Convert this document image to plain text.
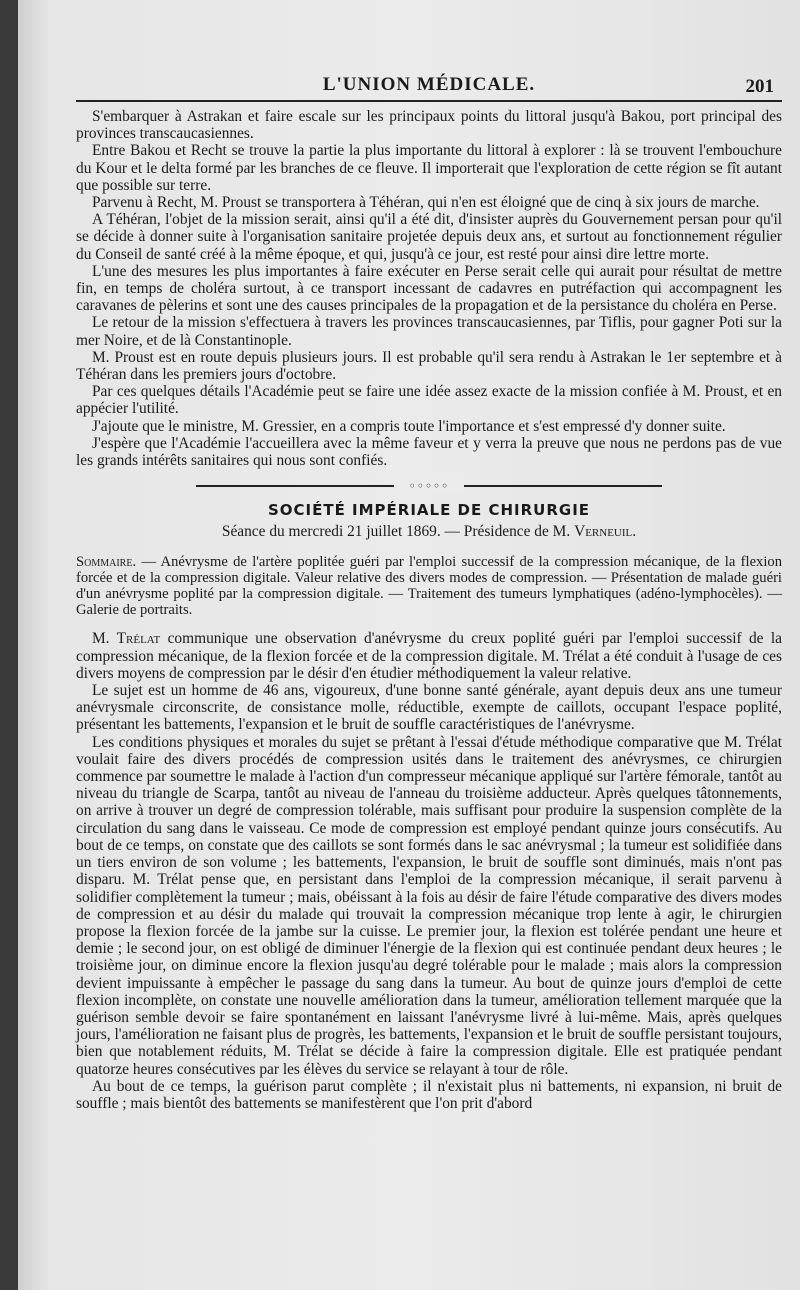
L'UNION MÉDICALE.	201

S'embarquer à Astrakan et faire escale sur les principaux points du littoral jusqu'à Bakou, port principal des provinces transcaucasiennes.

Entre Bakou et Recht se trouve la partie la plus importante du littoral à explorer : là se trouvent l'embouchure du Kour et le delta formé par les branches de ce fleuve. Il importerait que l'exploration de cette région se fît autant que possible sur terre.

Parvenu à Recht, M. Proust se transportera à Téhéran, qui n'en est éloigné que de cinq à six jours de marche.

A Téhéran, l'objet de la mission serait, ainsi qu'il a été dit, d'insister auprès du Gouvernement persan pour qu'il se décide à donner suite à l'organisation sanitaire projetée depuis deux ans, et surtout au fonctionnement régulier du Conseil de santé créé à la même époque, et qui, jusqu'à ce jour, est resté pour ainsi dire lettre morte.

L'une des mesures les plus importantes à faire exécuter en Perse serait celle qui aurait pour résultat de mettre fin, en temps de choléra surtout, à ce transport incessant de cadavres en putréfaction qui accompagnent les caravanes de pèlerins et sont une des causes principales de la propagation et de la persistance du choléra en Perse.

Le retour de la mission s'effectuera à travers les provinces transcaucasiennes, par Tiflis, pour gagner Poti sur la mer Noire, et de là Constantinople.

M. Proust est en route depuis plusieurs jours. Il est probable qu'il sera rendu à Astrakan le 1er septembre et à Téhéran dans les premiers jours d'octobre.

Par ces quelques détails l'Académie peut se faire une idée assez exacte de la mission confiée à M. Proust, et en appécier l'utilité.

J'ajoute que le ministre, M. Gressier, en a compris toute l'importance et s'est empressé d'y donner suite.

J'espère que l'Académie l'accueillera avec la même faveur et y verra la preuve que nous ne perdons pas de vue les grands intérêts sanitaires qui nous sont confiés.

◦◦◦◦◦
SOCIÉTÉ IMPÉRIALE DE CHIRURGIE
Séance du mercredi 21 juillet 1869. — Présidence de M. Verneuil.

Sommaire. — Anévrysme de l'artère poplitée guéri par l'emploi successif de la compression mécanique, de la flexion forcée et de la compression digitale. Valeur relative des divers modes de compression. — Présentation de malade guéri d'un anévrysme poplité par la compression digitale. — Traitement des tumeurs lymphatiques (adéno-lymphocèles). — Galerie de portraits.

M. Trélat communique une observation d'anévrysme du creux poplité guéri par l'emploi successif de la compression mécanique, de la flexion forcée et de la compression digitale. M. Trélat a été conduit à l'usage de ces divers moyens de compression par le désir d'en étudier méthodiquement la valeur relative.

Le sujet est un homme de 46 ans, vigoureux, d'une bonne santé générale, ayant depuis deux ans une tumeur anévrysmale circonscrite, de consistance molle, réductible, exempte de caillots, occupant l'espace poplité, présentant les battements, l'expansion et le bruit de souffle caractéristiques de l'anévrysme.

Les conditions physiques et morales du sujet se prêtant à l'essai d'étude méthodique comparative que M. Trélat voulait faire des divers procédés de compression usités dans le traitement des anévrysmes, ce chirurgien commence par soumettre le malade à l'action d'un compresseur mécanique appliqué sur l'artère fémorale, tantôt au niveau du triangle de Scarpa, tantôt au niveau de l'anneau du troisième adducteur. Après quelques tâtonnements, on arrive à trouver un degré de compression tolérable, mais suffisant pour produire la suspension complète de la circulation du sang dans le vaisseau. Ce mode de compression est employé pendant quinze jours consécutifs. Au bout de ce temps, on constate que des caillots se sont formés dans le sac anévrysmal ; la tumeur est solidifiée dans un tiers environ de son volume ; les battements, l'expansion, le bruit de souffle sont diminués, mais n'ont pas disparu. M. Trélat pense que, en persistant dans l'emploi de la compression mécanique, il serait parvenu à solidifier complètement la tumeur ; mais, obéissant à la fois au désir de faire l'étude comparative des divers modes de compression et au désir du malade qui trouvait la compression mécanique trop lente à agir, le chirurgien propose la flexion forcée de la jambe sur la cuisse. Le premier jour, la flexion est tolérée pendant une heure et demie ; le second jour, on est obligé de diminuer l'énergie de la flexion qui est continuée pendant deux heures ; le troisième jour, on diminue encore la flexion jusqu'au degré tolérable pour le malade ; mais alors la compression devient impuissante à empêcher le passage du sang dans la tumeur. Au bout de quinze jours d'emploi de cette flexion incomplète, on constate une nouvelle amélioration dans la tumeur, amélioration tellement marquée que la guérison semble devoir se faire spontanément en laissant l'anévrysme livré à lui-même. Mais, après quelques jours, l'amélioration ne faisant plus de progrès, les battements, l'expansion et le bruit de souffle persistant toujours, bien que notablement réduits, M. Trélat se décide à faire la compression digitale. Elle est pratiquée pendant quatorze heures consécutives par les élèves du service se relayant à tour de rôle.

Au bout de ce temps, la guérison parut complète ; il n'existait plus ni battements, ni expansion, ni bruit de souffle ; mais bientôt des battements se manifestèrent que l'on prit d'abord
